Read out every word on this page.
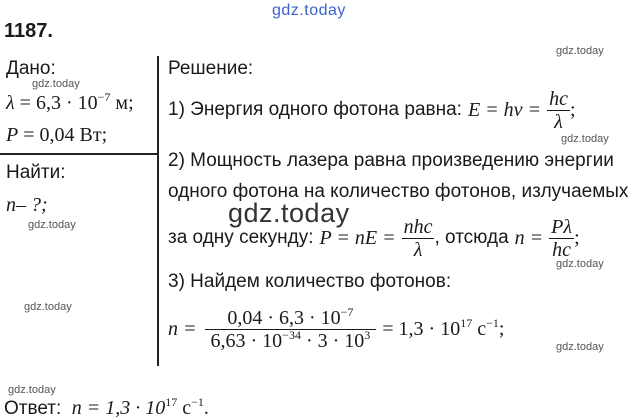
gdz.today
gdz.today
gdz.today
gdz.today
gdz.today
gdz.today
gdz.today
gdz.today
gdz.today
gdz.today
1187.
Дано:
$\lambda = 6,3 \cdot 10^{-7}$ м;
P = 0,04 Вт;
Найти:
n– ?;
Решение:
1) Энергия одного фотона равна: $E = h\nu = \frac{hc}{\lambda}$ ;
2) Мощность лазера равна произведению энергии
одного фотона на количество фотонов, излучаемых
за одну секунду: P = nE = $\frac{\text{nhc}}{\lambda}$ , отсюда $n = \frac{P\lambda}{hc}$ ;
3) Найдем количество фотонов:
$n = \frac{0,04 \cdot 6,3 \cdot 10^{-7}}{6,63 \cdot 10^{-34} \cdot 3 \cdot 10^3} = 1,3 \cdot 10^{17}$ $с^{-1}$;
Ответ: $n = 1,3 \cdot 10^{17}$ $с^{-1}$.
